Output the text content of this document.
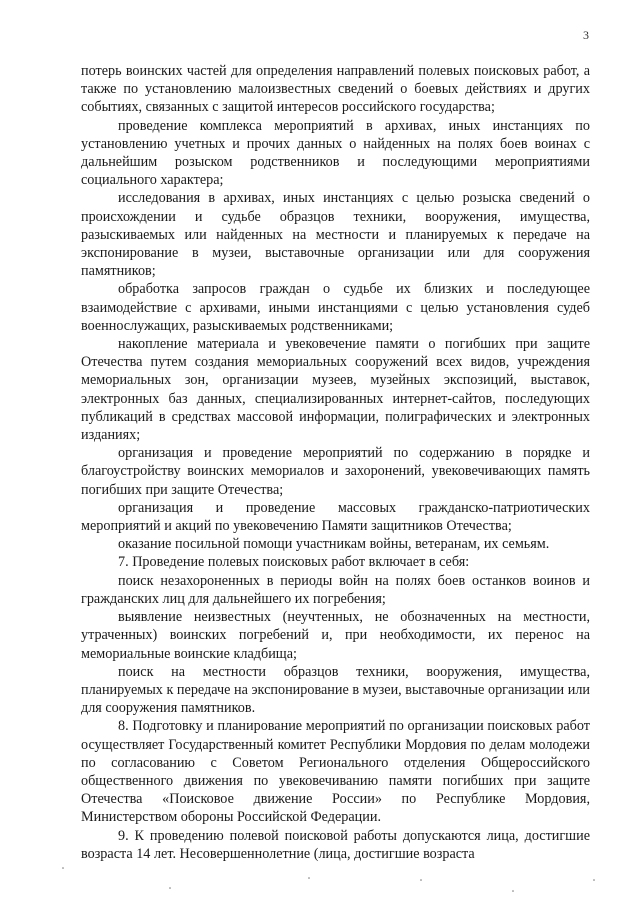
3

потерь воинских частей для определения направлений полевых поисковых работ, а также по установлению малоизвестных сведений о боевых действиях и других событиях, связанных с защитой интересов российского государства;

проведение комплекса мероприятий в архивах, иных инстанциях по установлению учетных и прочих данных о найденных на полях боев воинах с дальнейшим розыском родственников и последующими мероприятиями социального характера;

исследования в архивах, иных инстанциях с целью розыска сведений о происхождении и судьбе образцов техники, вооружения, имущества, разыскиваемых или найденных на местности и планируемых к передаче на экспонирование в музеи, выставочные организации или для сооружения памятников;

обработка запросов граждан о судьбе их близких и последующее взаимодействие с архивами, иными инстанциями с целью установления судеб военнослужащих, разыскиваемых родственниками;

накопление материала и увековечение памяти о погибших при защите Отечества путем создания мемориальных сооружений всех видов, учреждения мемориальных зон, организации музеев, музейных экспозиций, выставок, электронных баз данных, специализированных интернет-сайтов, последующих публикаций в средствах массовой информации, полиграфических и электронных изданиях;

организация и проведение мероприятий по содержанию в порядке и благоустройству воинских мемориалов и захоронений, увековечивающих память погибших при защите Отечества;

организация и проведение массовых гражданско-патриотических мероприятий и акций по увековечению Памяти защитников Отечества;

оказание посильной помощи участникам войны, ветеранам, их семьям.

7. Проведение полевых поисковых работ включает в себя:

поиск незахороненных в периоды войн на полях боев останков воинов и гражданских лиц для дальнейшего их погребения;

выявление неизвестных (неучтенных, не обозначенных на местности, утраченных) воинских погребений и, при необходимости, их перенос на мемориальные воинские кладбища;

поиск на местности образцов техники, вооружения, имущества, планируемых к передаче на экспонирование в музеи, выставочные организации или для сооружения памятников.

8. Подготовку и планирование мероприятий по организации поисковых работ осуществляет Государственный комитет Республики Мордовия по делам молодежи по согласованию с Советом Регионального отделения Общероссийского общественного движения по увековечиванию памяти погибших при защите Отечества «Поисковое движение России» по Республике Мордовия, Министерством обороны Российской Федерации.

9. К проведению полевой поисковой работы допускаются лица, достигшие возраста 14 лет. Несовершеннолетние (лица, достигшие возраста
